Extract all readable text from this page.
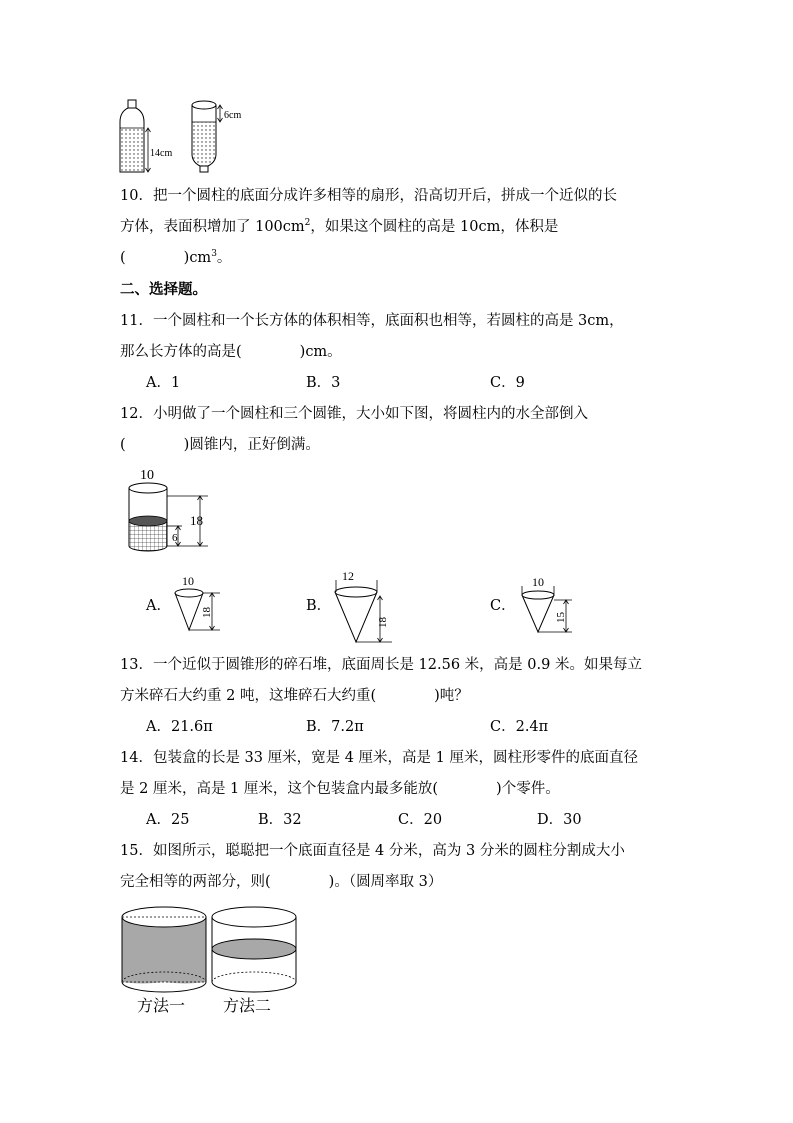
14cm
6cm
10．把一个圆柱的底面分成许多相等的扇形，沿高切开后，拼成一个近似的长
方体，表面积增加了 $100cm^2$，如果这个圆柱的高是 10cm，体积是
(　　　　)$cm^3$。
二、选择题。
11．一个圆柱和一个长方体的体积相等，底面积也相等，若圆柱的高是 3cm，
那么长方体的高是(　　　　)cm。
A．1	B．3	C．9
12．小明做了一个圆柱和三个圆锥，大小如下图，将圆柱内的水全部倒入
(　　　　)圆锥内，正好倒满。
10
18
6
A．
10
18	B．
12
18
C．
10
15
13．一个近似于圆锥形的碎石堆，底面周长是 12.56 米，高是 0.9 米。如果每立
方米碎石大约重 2 吨，这堆碎石大约重(　　　　)吨？
A．21.6π	B．7.2π	C．2.4π
14．包装盒的长是 33 厘米，宽是 4 厘米，高是 1 厘米，圆柱形零件的底面直径
是 2 厘米，高是 1 厘米，这个包装盒内最多能放(　　　　)个零件。
A．25	B．32	C．20	D．30
15．如图所示，聪聪把一个底面直径是 4 分米，高为 3 分米的圆柱分割成大小
完全相等的两部分，则(　　　　)。（圆周率取 3）
方法一 方法二
